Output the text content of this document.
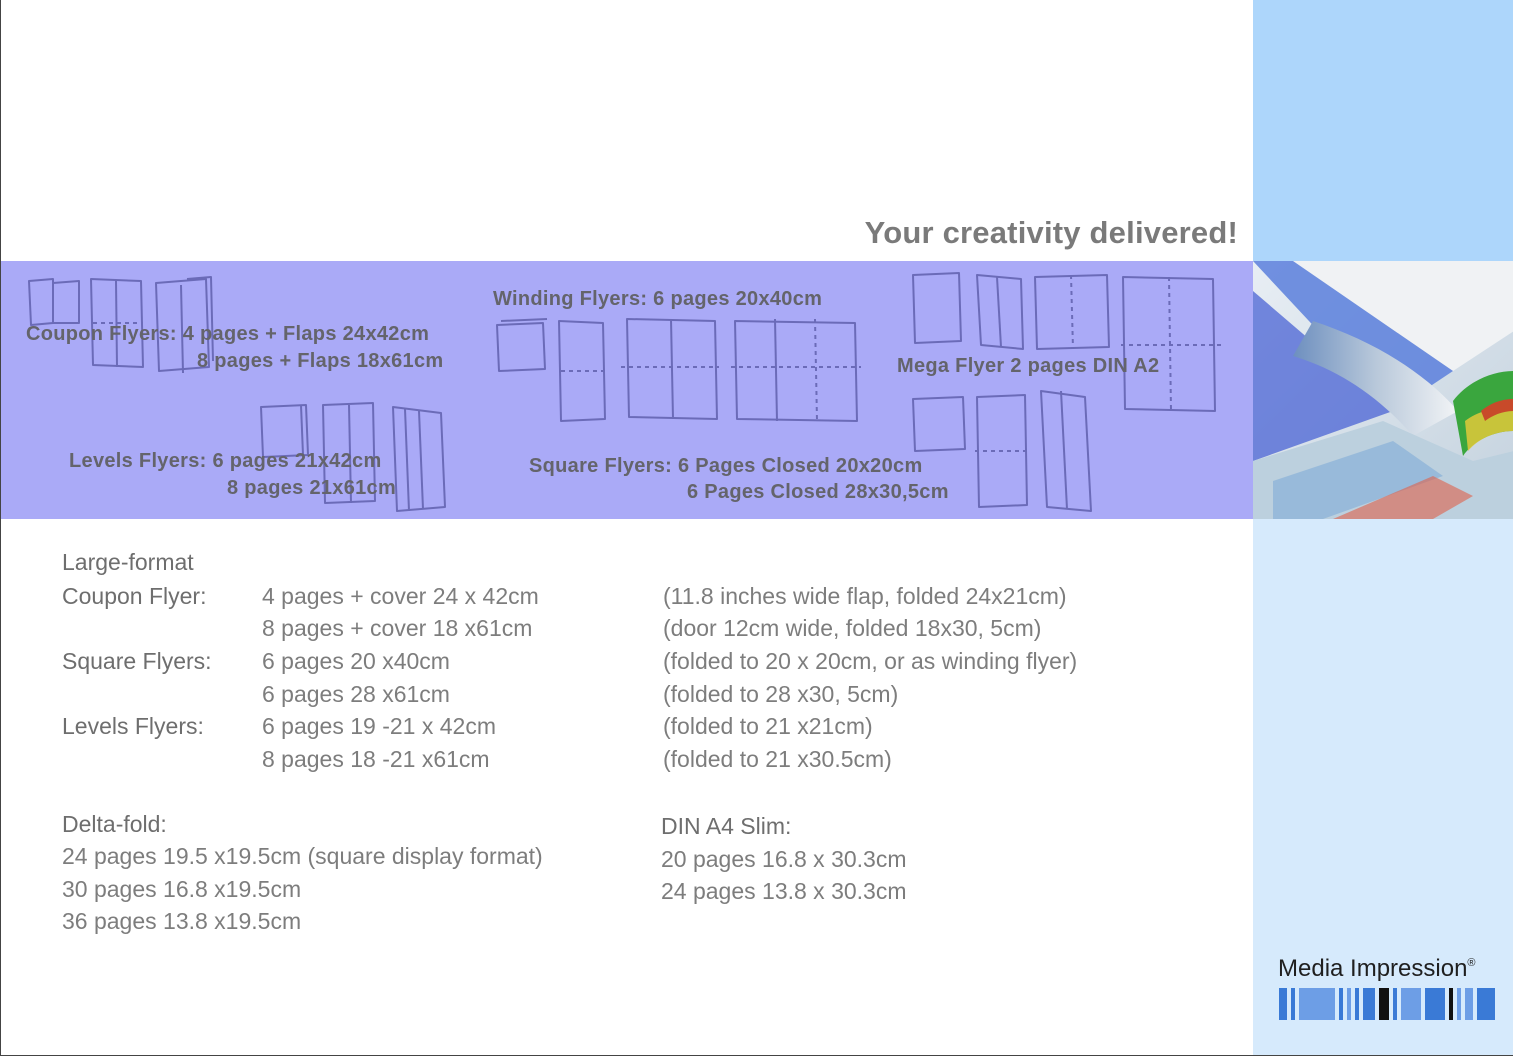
Your creativity delivered!
Coupon Flyers: 4 pages + Flaps 24x42cm
8 pages + Flaps 18x61cm
Winding Flyers: 6 pages 20x40cm
Mega Flyer 2 pages DIN A2
Levels Flyers: 6 pages 21x42cm
8 pages 21x61cm
Square Flyers: 6 Pages Closed 20x20cm
6 Pages Closed 28x30,5cm
Large-format
Coupon Flyer: 4 pages + cover 24 x 42cm	(11.8 inches wide flap, folded 24x21cm)
8 pages + cover 18 x61cm	(door 12cm wide, folded 18x30, 5cm)
Square Flyers: 6 pages 20 x40cm	(folded to 20 x 20cm, or as winding flyer)
6 pages 28 x61cm	(folded to 28 x30, 5cm)
Levels Flyers:	6 pages 19 -21 x 42cm	(folded to 21 x21cm)
8 pages 18 -21 x61cm	(folded to 21 x30.5cm)
Delta-fold:
24 pages 19.5 x19.5cm (square display format)
30 pages 16.8 x19.5cm
36 pages 13.8 x19.5cm
DIN A4 Slim:
20 pages 16.8 x 30.3cm
24 pages 13.8 x 30.3cm
Media Impression®
